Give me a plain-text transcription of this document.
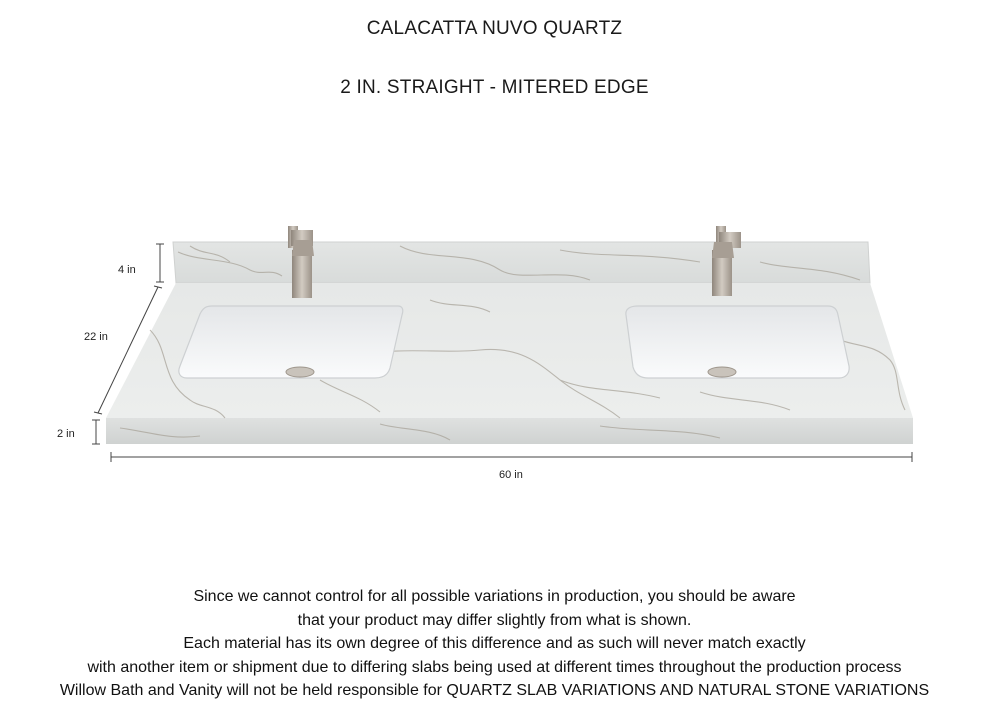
CALACATTA NUVO QUARTZ
2 IN. STRAIGHT - MITERED EDGE
4 in
22 in
2 in
60 in
Since we cannot control for all possible variations in production, you should be aware
that your product may differ slightly from what is shown.
Each material has its own degree of this difference and as such will never match exactly
with another item or shipment due to differing slabs being used at different times throughout the production process
Willow Bath and Vanity will not be held responsible for QUARTZ SLAB VARIATIONS AND NATURAL STONE VARIATIONS
